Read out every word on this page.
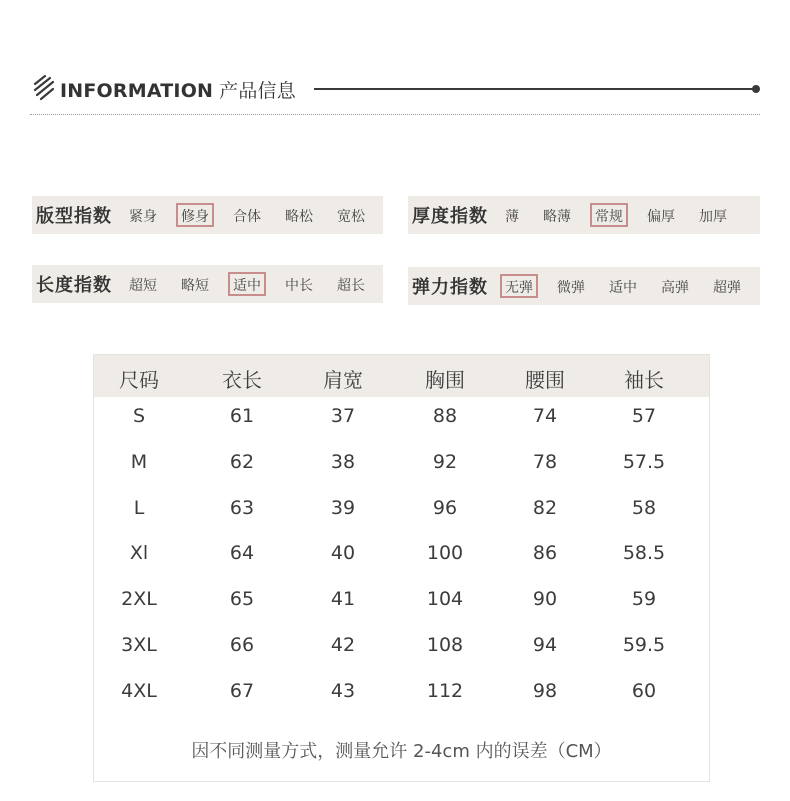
INFORMATION 产品信息
版型指数	紧身	修身	合体	略松	宽松	厚度指数	薄	略薄	常规	偏厚	加厚
长度指数	超短	略短	适中	中长	超长	弹力指数	无弹	微弹	适中	高弹	超弹
尺码	衣长	肩宽	胸围	腰围	袖长
S	61	37	88	74	57
M	62	38	92	78	57.5
L	63	39	96	82	58
Xl	64	40	100	86	58.5
2XL	65	41	104	90	59
3XL	66	42	108	94	59.5
4XL	67	43	112	98	60
因不同测量方式，测量允许 2-4cm 内的误差（CM）
